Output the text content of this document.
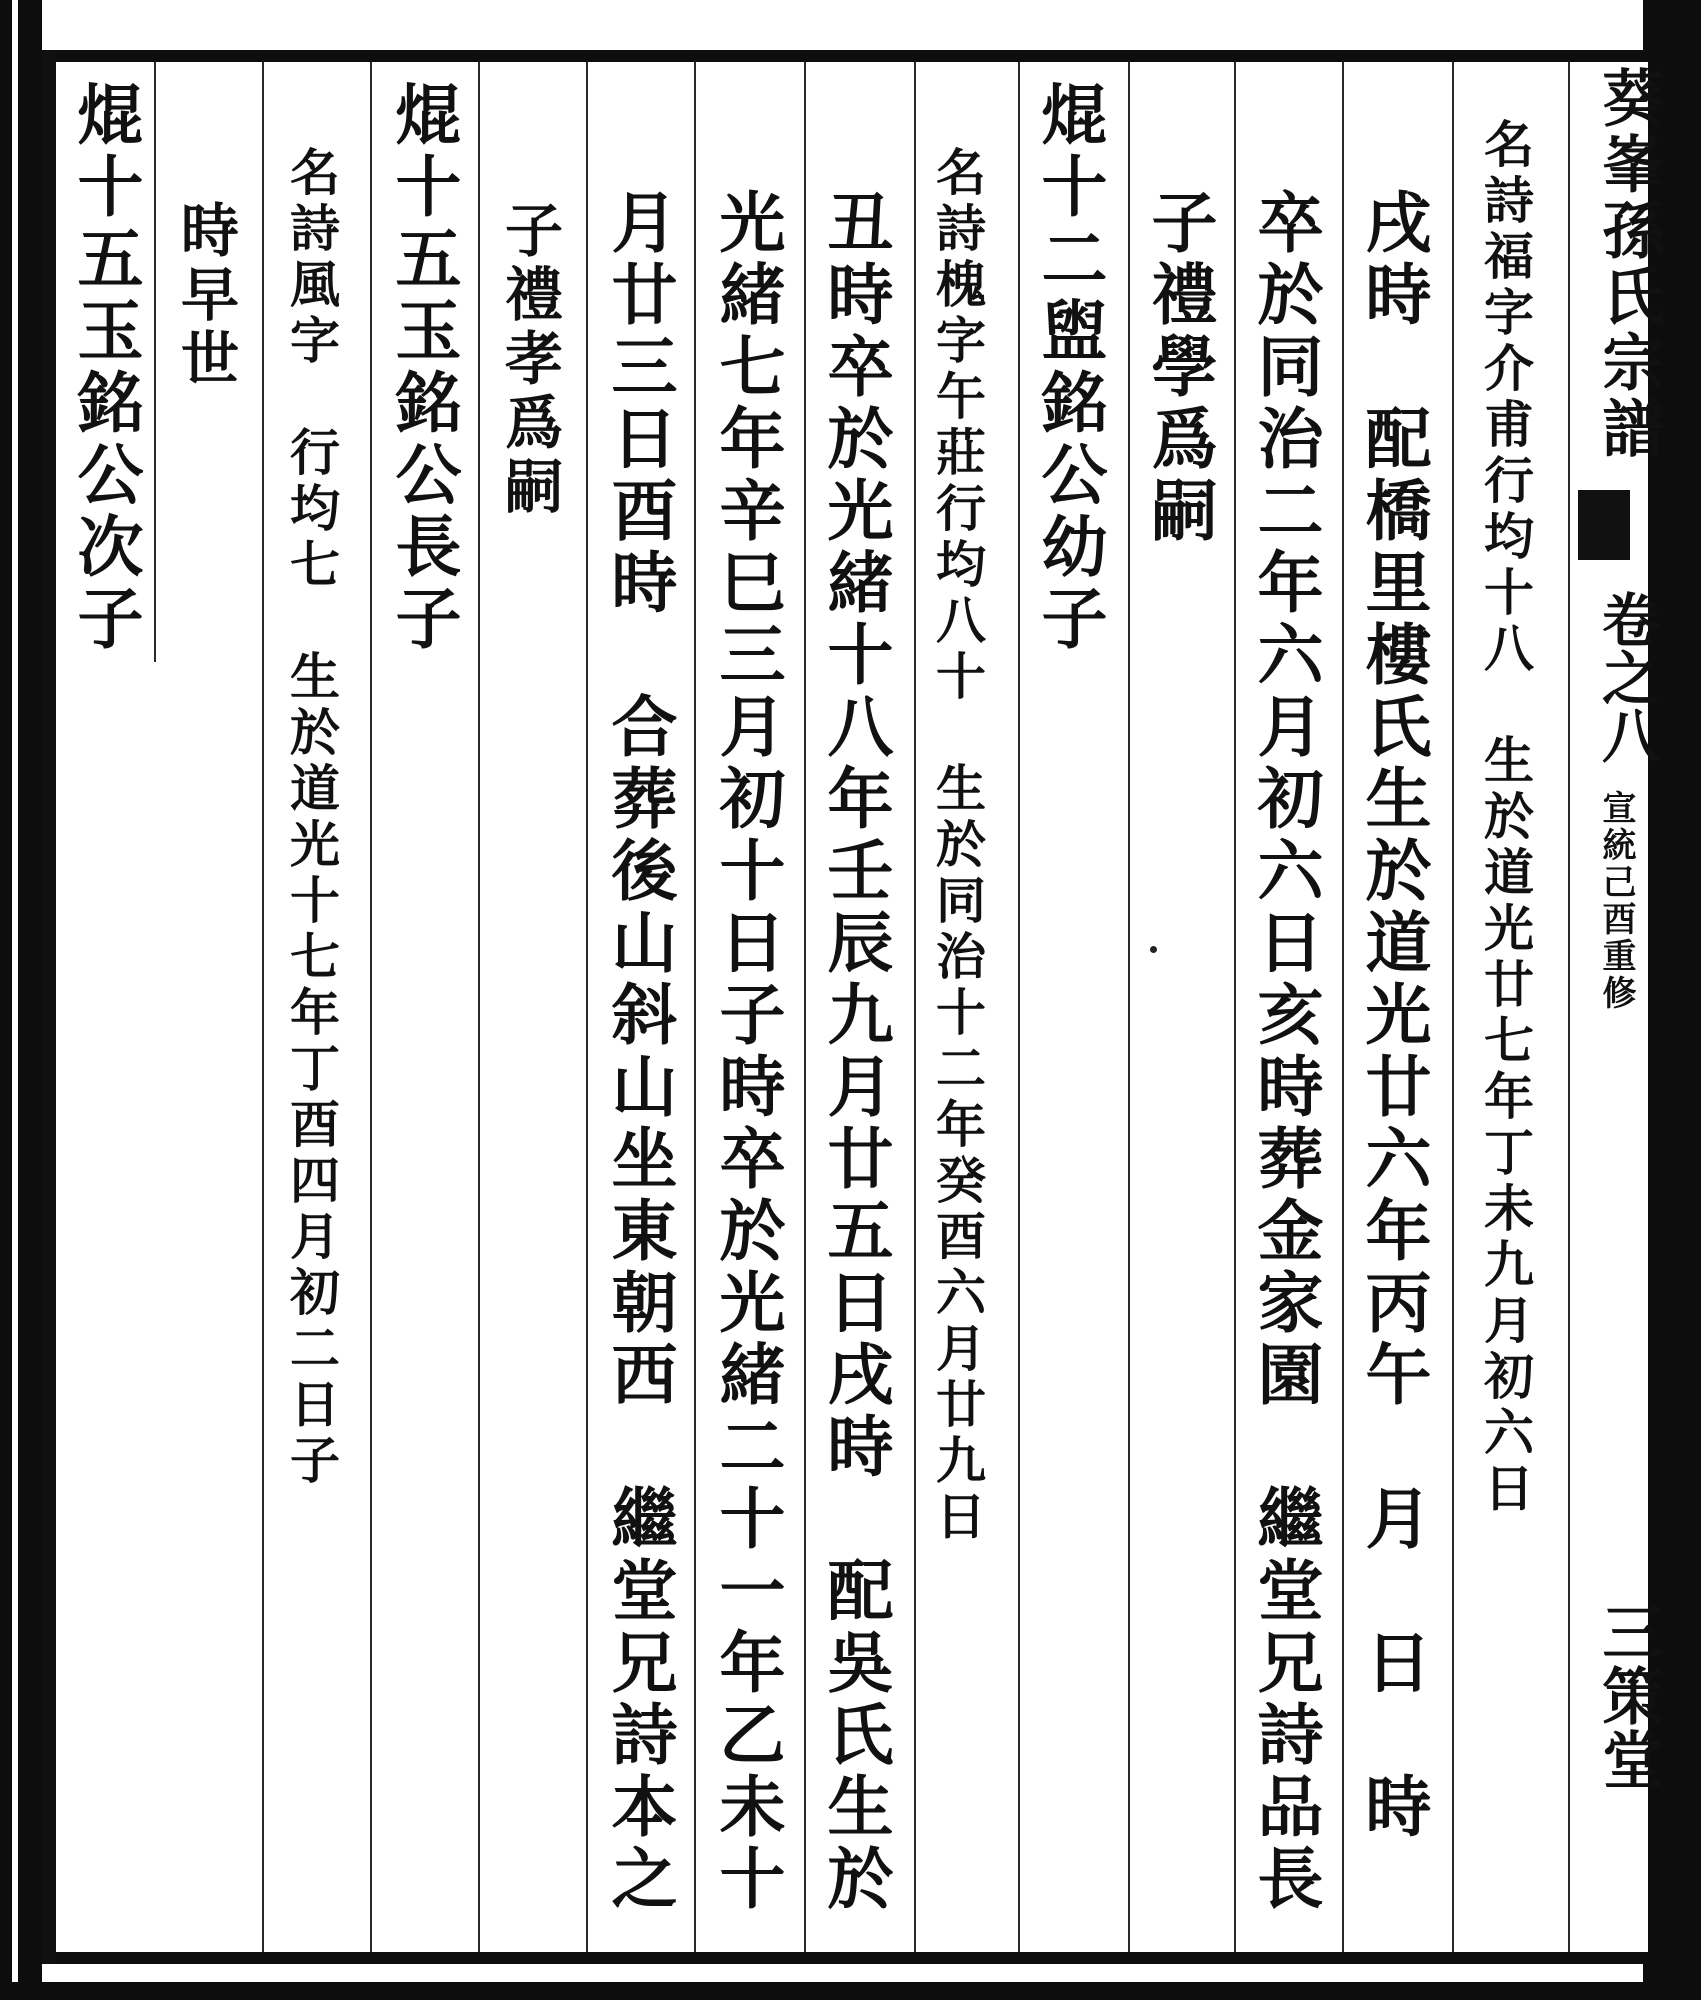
葵峯孫氏宗譜
卷之八
宣統己酉重修
三策堂
名詩福字介甫行均十八　生於道光廿七年丁未九月初六日
戌時　配橋里樓氏生於道光廿六年丙午　月　日　時
卒於同治二年六月初六日亥時葬金家園　繼堂兄詩品長
子禮學爲嗣
焜十二盥銘公幼子
名詩槐字午莊行均八十　生於同治十二年癸酉六月廿九日
丑時卒於光緒十八年壬辰九月廿五日戌時　配吳氏生於
光緒七年辛巳三月初十日子時卒於光緒二十一年乙未十
月廿三日酉時　合葬後山斜山坐東朝西　繼堂兄詩本之
子禮孝爲嗣
焜十五玉銘公長子
名詩風字　行均七　生於道光十七年丁酉四月初二日子
時早世
焜十五玉銘公次子
